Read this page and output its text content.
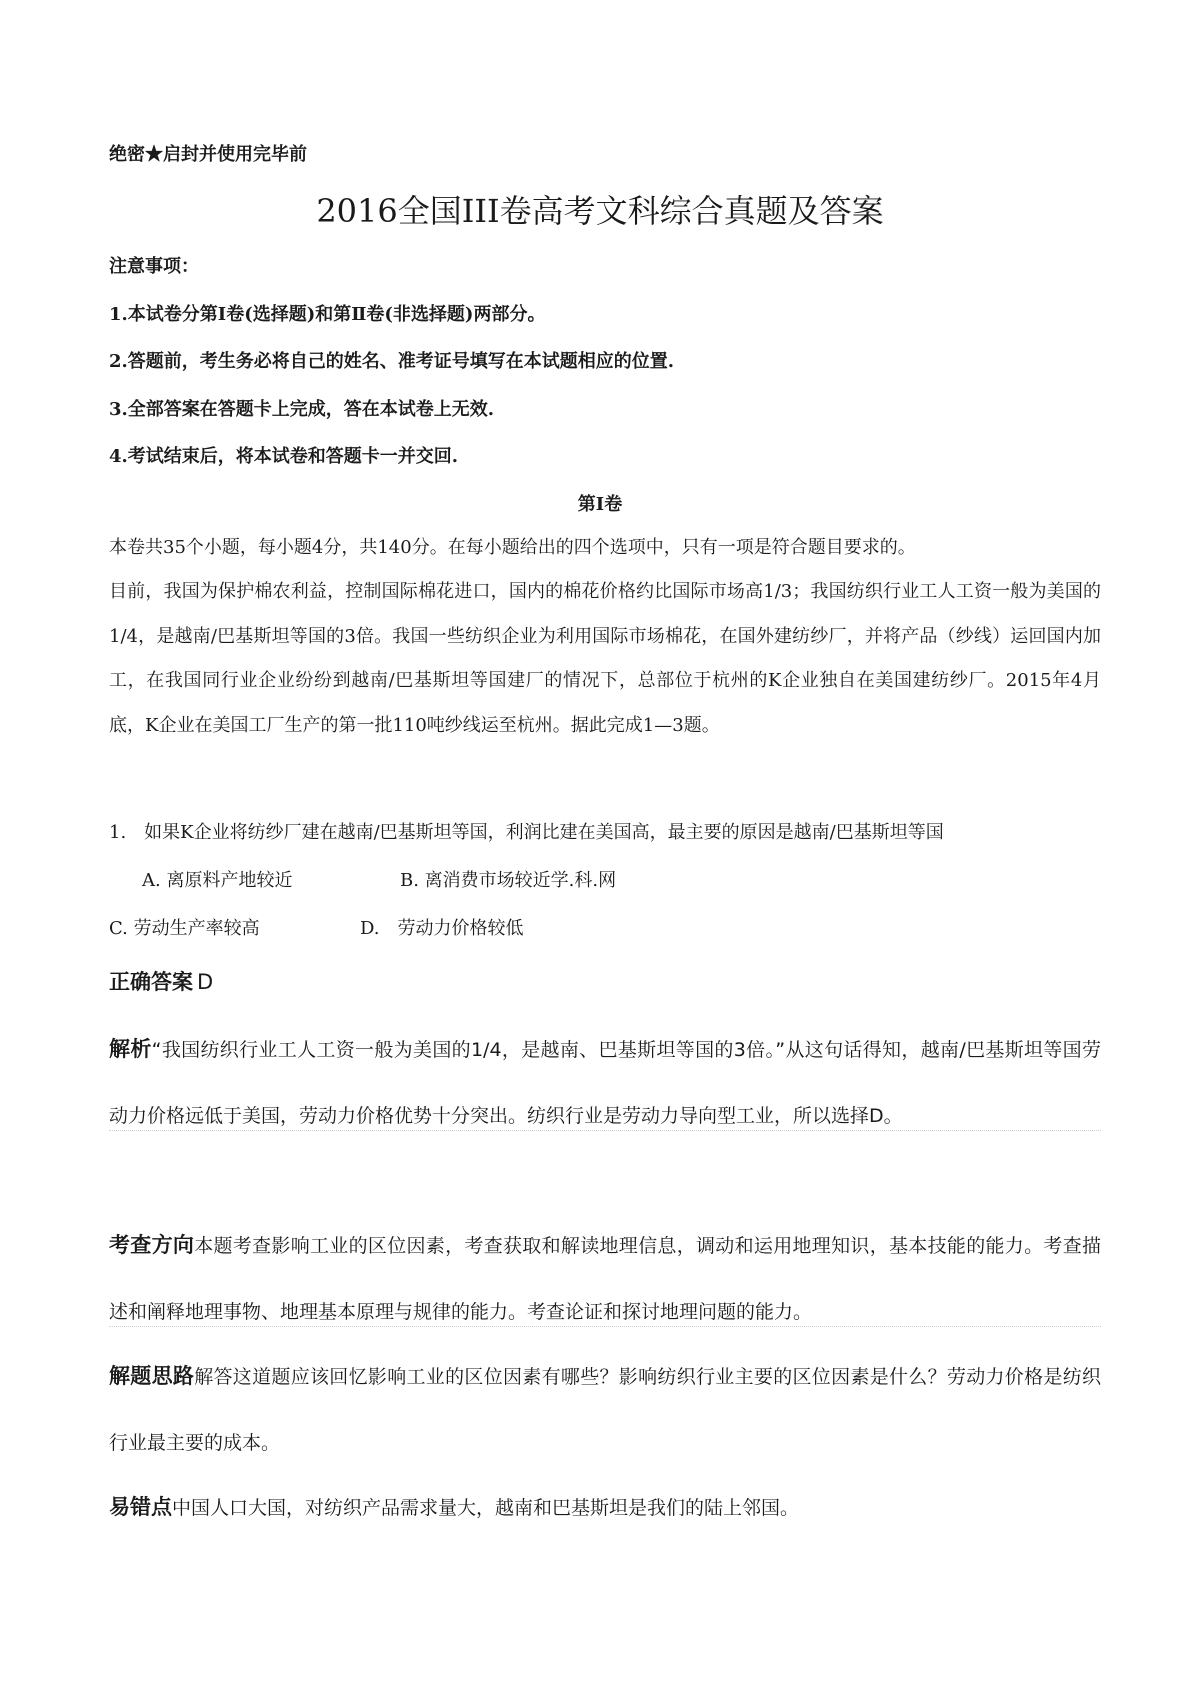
绝密★启封并使用完毕前
2016全国III卷高考文科综合真题及答案
注意事项：
1.本试卷分第Ⅰ卷(选择题)和第Ⅱ卷(非选择题)两部分。
2.答题前，考生务必将自己的姓名、准考证号填写在本试题相应的位置.
3.全部答案在答题卡上完成，答在本试卷上无效.
4.考试结束后，将本试卷和答题卡一并交回.
第Ⅰ卷
本卷共35个小题，每小题4分，共140分。在每小题给出的四个选项中，只有一项是符合题目要求的。
目前，我国为保护棉农利益，控制国际棉花进口，国内的棉花价格约比国际市场高1/3；我国纺织行业工人工资一般为美国的1/4，是越南/巴基斯坦等国的3倍。我国一些纺织企业为利用国际市场棉花，在国外建纺纱厂，并将产品（纱线）运回国内加工，在我国同行业企业纷纷到越南/巴基斯坦等国建厂的情况下，总部位于杭州的K企业独自在美国建纺纱厂。2015年4月底，K企业在美国工厂生产的第一批110吨纱线运至杭州。据此完成1—3题。
1.　如果K企业将纺纱厂建在越南/巴基斯坦等国，利润比建在美国高，最主要的原因是越南/巴基斯坦等国
A. 离原料产地较近	B. 离消费市场较近学.科.网
C. 劳动生产率较高	D.　劳动力价格较低
正确答案 D
解析“我国纺织行业工人工资一般为美国的1/4，是越南、巴基斯坦等国的3倍。”从这句话得知，越南/巴基斯坦等国劳动力价格远低于美国，劳动力价格优势十分突出。纺织行业是劳动力导向型工业，所以选择D。
考查方向本题考查影响工业的区位因素，考查获取和解读地理信息，调动和运用地理知识，基本技能的能力。考查描述和阐释地理事物、地理基本原理与规律的能力。考查论证和探讨地理问题的能力。
解题思路解答这道题应该回忆影响工业的区位因素有哪些？影响纺织行业主要的区位因素是什么？劳动力价格是纺织行业最主要的成本。
易错点中国人口大国，对纺织产品需求量大，越南和巴基斯坦是我们的陆上邻国。
